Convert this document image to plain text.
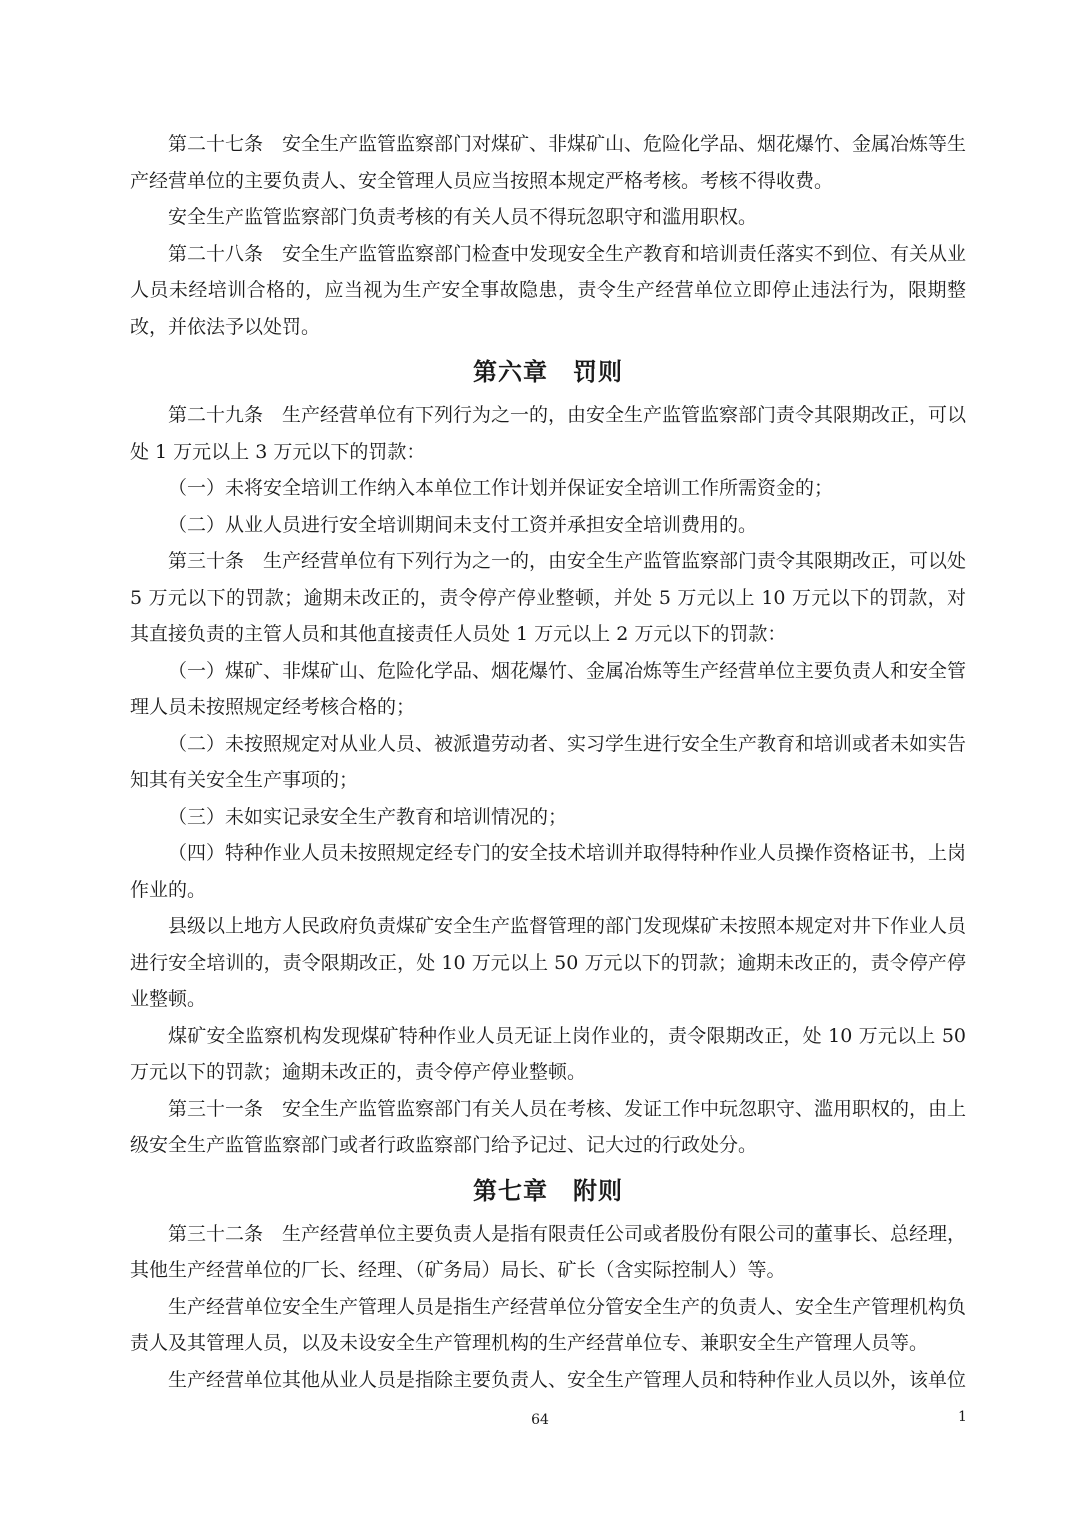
第二十七条　安全生产监管监察部门对煤矿、非煤矿山、危险化学品、烟花爆竹、金属冶炼等生产经营单位的主要负责人、安全管理人员应当按照本规定严格考核。考核不得收费。

安全生产监管监察部门负责考核的有关人员不得玩忽职守和滥用职权。

第二十八条　安全生产监管监察部门检查中发现安全生产教育和培训责任落实不到位、有关从业人员未经培训合格的，应当视为生产安全事故隐患，责令生产经营单位立即停止违法行为，限期整改，并依法予以处罚。

第六章　罚则

第二十九条　生产经营单位有下列行为之一的，由安全生产监管监察部门责令其限期改正，可以处 1 万元以上 3 万元以下的罚款：

（一）未将安全培训工作纳入本单位工作计划并保证安全培训工作所需资金的；

（二）从业人员进行安全培训期间未支付工资并承担安全培训费用的。

第三十条　生产经营单位有下列行为之一的，由安全生产监管监察部门责令其限期改正，可以处 5 万元以下的罚款；逾期未改正的，责令停产停业整顿，并处 5 万元以上 10 万元以下的罚款，对其直接负责的主管人员和其他直接责任人员处 1 万元以上 2 万元以下的罚款：

（一）煤矿、非煤矿山、危险化学品、烟花爆竹、金属冶炼等生产经营单位主要负责人和安全管理人员未按照规定经考核合格的；

（二）未按照规定对从业人员、被派遣劳动者、实习学生进行安全生产教育和培训或者未如实告知其有关安全生产事项的；

（三）未如实记录安全生产教育和培训情况的；

（四）特种作业人员未按照规定经专门的安全技术培训并取得特种作业人员操作资格证书，上岗作业的。

县级以上地方人民政府负责煤矿安全生产监督管理的部门发现煤矿未按照本规定对井下作业人员进行安全培训的，责令限期改正，处 10 万元以上 50 万元以下的罚款；逾期未改正的，责令停产停业整顿。

煤矿安全监察机构发现煤矿特种作业人员无证上岗作业的，责令限期改正，处 10 万元以上 50 万元以下的罚款；逾期未改正的，责令停产停业整顿。

第三十一条　安全生产监管监察部门有关人员在考核、发证工作中玩忽职守、滥用职权的，由上级安全生产监管监察部门或者行政监察部门给予记过、记大过的行政处分。

第七章　附则

第三十二条　生产经营单位主要负责人是指有限责任公司或者股份有限公司的董事长、总经理，其他生产经营单位的厂长、经理、（矿务局）局长、矿长（含实际控制人）等。

生产经营单位安全生产管理人员是指生产经营单位分管安全生产的负责人、安全生产管理机构负责人及其管理人员，以及未设安全生产管理机构的生产经营单位专、兼职安全生产管理人员等。

生产经营单位其他从业人员是指除主要负责人、安全生产管理人员和特种作业人员以外，该单位

64	1
